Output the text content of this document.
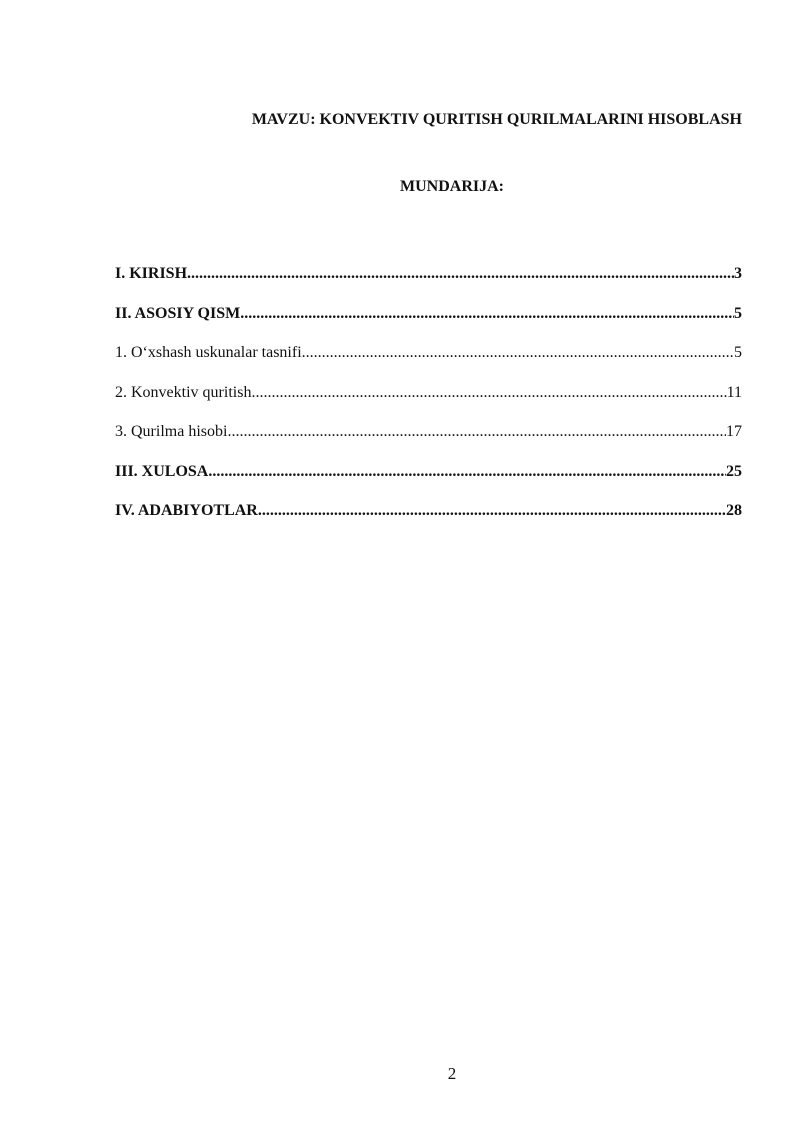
MAVZU: KONVEKTIV QURITISH QURILMALARINI HISOBLASH
MUNDARIJA:
I. KIRISH .....	3
II. ASOSIY QISM .....	5
1. O‘xshash uskunalar tasnifi .....	5
2. Konvektiv quritish .....	11
3. Qurilma hisobi .....	17
III. XULOSA .....	25
IV. ADABIYOTLAR .....	28
2
